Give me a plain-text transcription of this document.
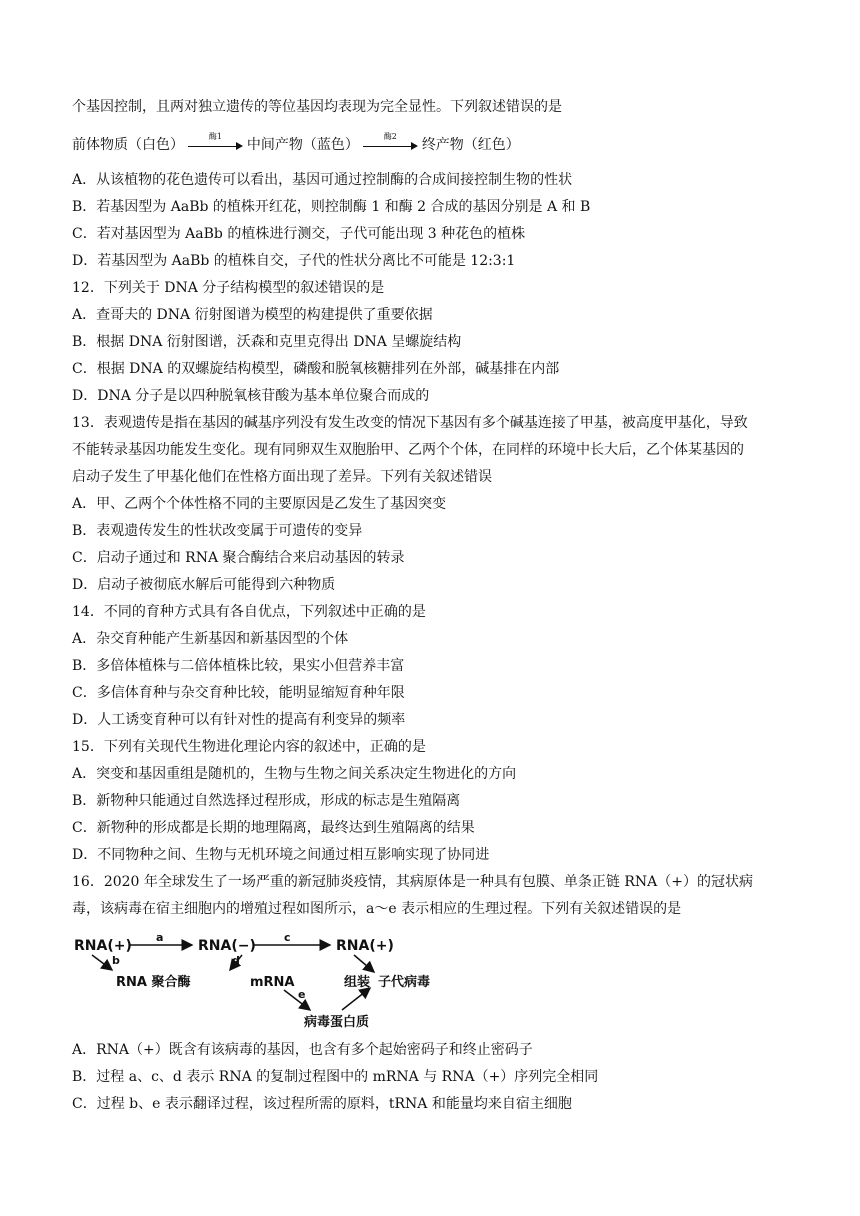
个基因控制，且两对独立遗传的等位基因均表现为完全显性。下列叙述错误的是
前体物质（白色）
酶1
中间产物（蓝色）
酶2
终产物（红色）
A．从该植物的花色遗传可以看出，基因可通过控制酶的合成间接控制生物的性状
B．若基因型为 AaBb 的植株开红花，则控制酶 1 和酶 2 合成的基因分别是 A 和 B
C．若对基因型为 AaBb 的植株进行测交，子代可能出现 3 种花色的植株
D．若基因型为 AaBb 的植株自交，子代的性状分离比不可能是 12:3:1
12．下列关于 DNA 分子结构模型的叙述错误的是
A．查哥夫的 DNA 衍射图谱为模型的构建提供了重要依据
B．根据 DNA 衍射图谱，沃森和克里克得出 DNA 呈螺旋结构
C．根据 DNA 的双螺旋结构模型，磷酸和脱氧核糖排列在外部，碱基排在内部
D．DNA 分子是以四种脱氧核苷酸为基本单位聚合而成的
13．表观遗传是指在基因的碱基序列没有发生改变的情况下基因有多个碱基连接了甲基，被高度甲基化，导致
不能转录基因功能发生变化。现有同卵双生双胞胎甲、乙两个个体，在同样的环境中长大后，乙个体某基因的
启动子发生了甲基化他们在性格方面出现了差异。下列有关叙述错误
A．甲、乙两个个体性格不同的主要原因是乙发生了基因突变
B．表观遗传发生的性状改变属于可遗传的变异
C．启动子通过和 RNA 聚合酶结合来启动基因的转录
D．启动子被彻底水解后可能得到六种物质
14．不同的育种方式具有各自优点，下列叙述中正确的是
A．杂交育种能产生新基因和新基因型的个体
B．多倍体植株与二倍体植株比较，果实小但营养丰富
C．多信体育种与杂交育种比较，能明显缩短育种年限
D．人工诱变育种可以有针对性的提高有利变异的频率
15．下列有关现代生物进化理论内容的叙述中，正确的是
A．突变和基因重组是随机的，生物与生物之间关系决定生物进化的方向
B．新物种只能通过自然选择过程形成，形成的标志是生殖隔离
C．新物种的形成都是长期的地理隔离，最终达到生殖隔离的结果
D．不同物种之间、生物与无机环境之间通过相互影响实现了协同进
16．2020 年全球发生了一场严重的新冠肺炎疫情，其病原体是一种具有包膜、单条正链 RNA（+）的冠状病
毒，该病毒在宿主细胞内的增殖过程如图所示，a～e 表示相应的生理过程。下列有关叙述错误的是
RNA(+)
a
RNA(−)
c
RNA(+)
b
RNA 聚合酶
d
mRNA	组装 子代病毒
e
病毒蛋白质
A．RNA（+）既含有该病毒的基因，也含有多个起始密码子和终止密码子
B．过程 a、c、d 表示 RNA 的复制过程图中的 mRNA 与 RNA（+）序列完全相同
C．过程 b、e 表示翻译过程，该过程所需的原料，tRNA 和能量均来自宿主细胞
